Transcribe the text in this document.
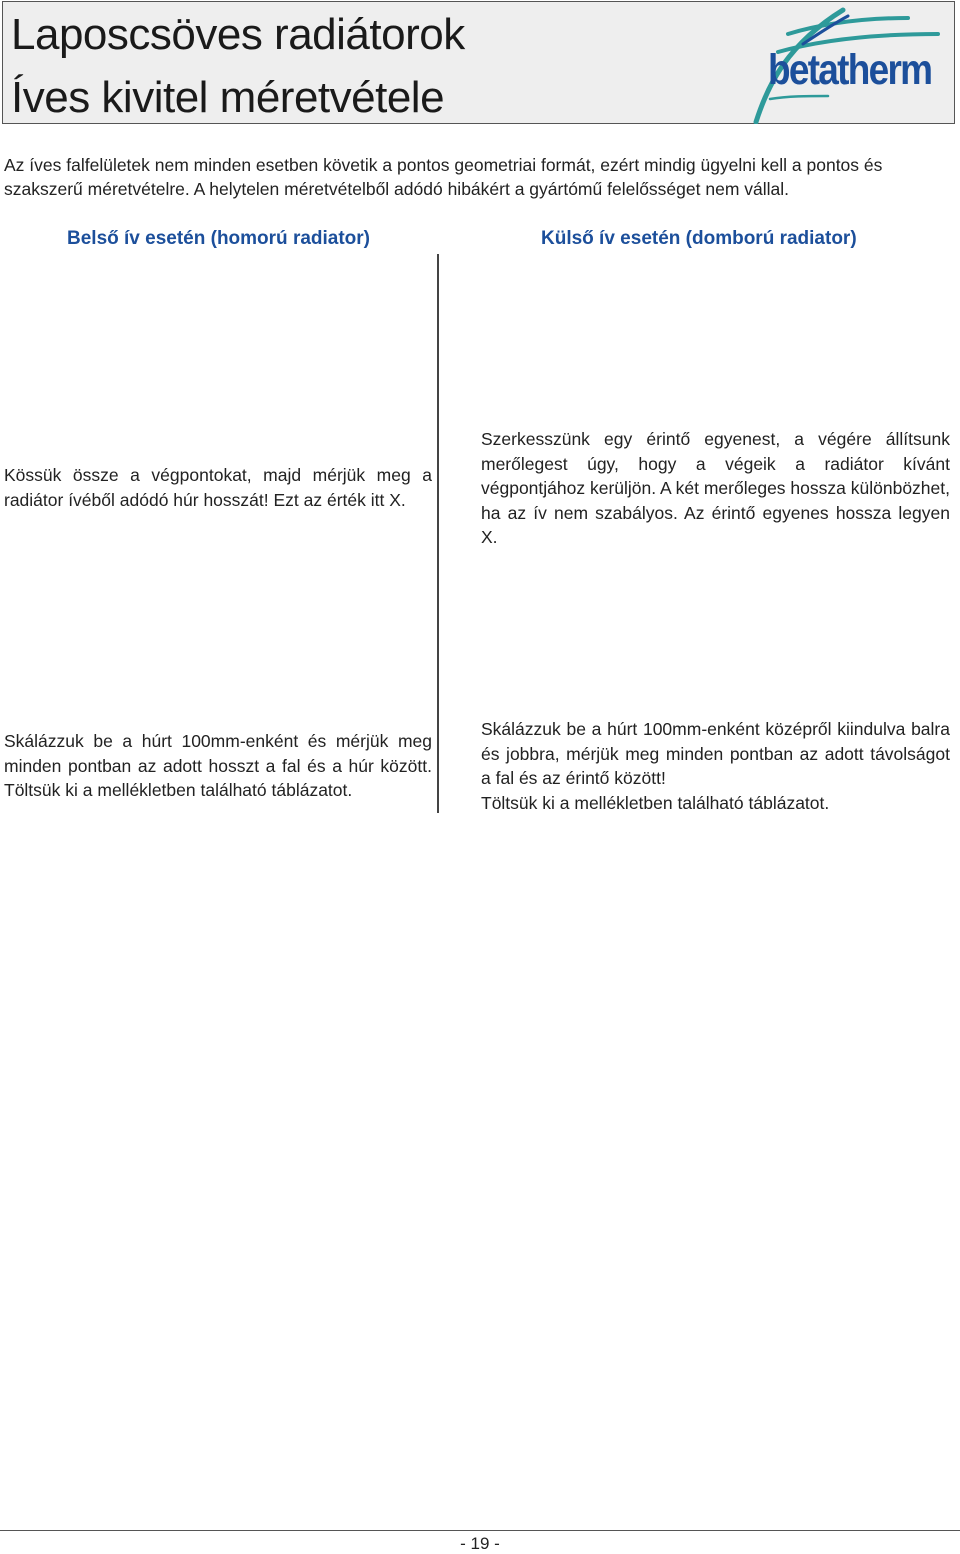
Laposcsöves radiátorok
Íves kivitel méretvétele
betatherm
Az íves falfelületek nem minden esetben követik a pontos geometriai formát, ezért mindig ügyelni kell a pontos és szakszerű méretvételre. A helytelen méretvételből adódó hibákért a gyártómű felelősséget nem vállal.
Belső ív esetén (homorú radiator)	Külső ív esetén (domború radiator)
Kössük össze a végpontokat, majd mérjük meg a radiátor ívéből adódó húr hosszát! Ezt az érték itt X.
Szerkesszünk egy érintő egyenest, a végére állítsunk merőlegest úgy, hogy a végeik a radiátor kívánt végpontjához kerüljön. A két merőleges hossza különbözhet, ha az ív nem szabályos. Az érintő egyenes hossza legyen X.
Skálázzuk be a húrt 100mm-enként és mérjük meg minden pontban az adott hosszt a fal és a húr között. Töltsük ki a mellékletben található táblázatot.
Skálázzuk be a húrt 100mm-enként középről kiindulva balra és jobbra, mérjük meg minden pontban az adott távolságot a fal és az érintő között!
Töltsük ki a mellékletben található táblázatot.
- 19 -
